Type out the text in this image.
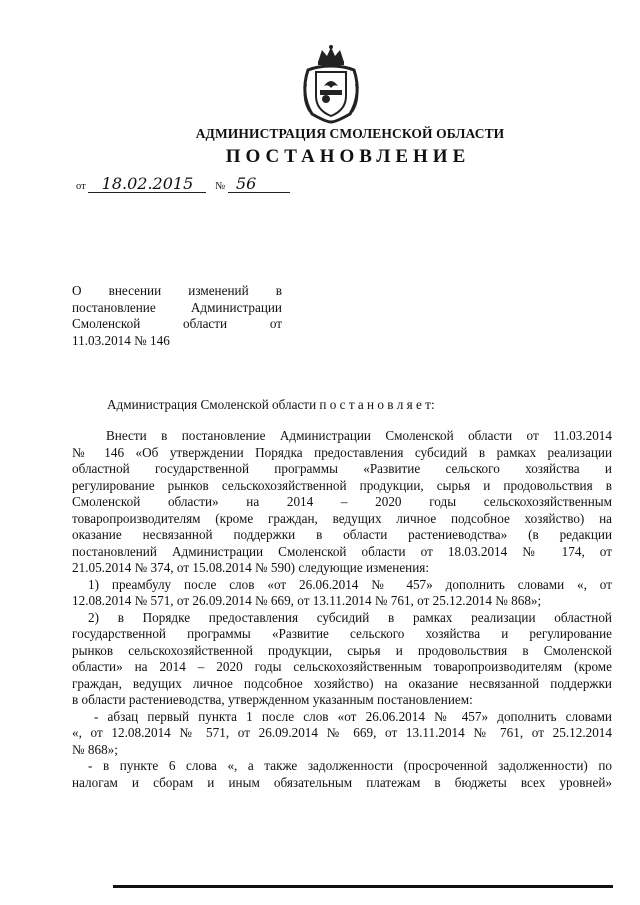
АДМИНИСТРАЦИЯ СМОЛЕНСКОЙ ОБЛАСТИ
ПОСТАНОВЛЕНИЕ
от 18.02.2015 № 56
О внесении изменений в
постановление Администрации
Смоленской области от
11.03.2014 № 146
Администрация Смоленской области п о с т а н о в л я е т:
Внести в постановление Администрации Смоленской области от 11.03.2014
№ 146 «Об утверждении Порядка предоставления субсидий в рамках реализации
областной государственной программы «Развитие сельского хозяйства и
регулирование рынков сельскохозяйственной продукции, сырья и продовольствия в
Смоленской области» на 2014 – 2020 годы сельскохозяйственным
товаропроизводителям (кроме граждан, ведущих личное подсобное хозяйство) на
оказание несвязанной поддержки в области растениеводства» (в редакции
постановлений Администрации Смоленской области от 18.03.2014 № 174, от
21.05.2014 № 374, от 15.08.2014 № 590) следующие изменения:
1) преамбулу после слов «от 26.06.2014 № 457» дополнить словами «, от
12.08.2014 № 571, от 26.09.2014 № 669, от 13.11.2014 № 761, от 25.12.2014 № 868»;
2) в Порядке предоставления субсидий в рамках реализации областной
государственной программы «Развитие сельского хозяйства и регулирование
рынков сельскохозяйственной продукции, сырья и продовольствия в Смоленской
области» на 2014 – 2020 годы сельскохозяйственным товаропроизводителям (кроме
граждан, ведущих личное подсобное хозяйство) на оказание несвязанной поддержки
в области растениеводства, утвержденном указанным постановлением:
- абзац первый пункта 1 после слов «от 26.06.2014 № 457» дополнить словами
«, от 12.08.2014 № 571, от 26.09.2014 № 669, от 13.11.2014 № 761, от 25.12.2014
№ 868»;
- в пункте 6 слова «, а также задолженности (просроченной задолженности) по
налогам и сборам и иным обязательным платежам в бюджеты всех уровней»
